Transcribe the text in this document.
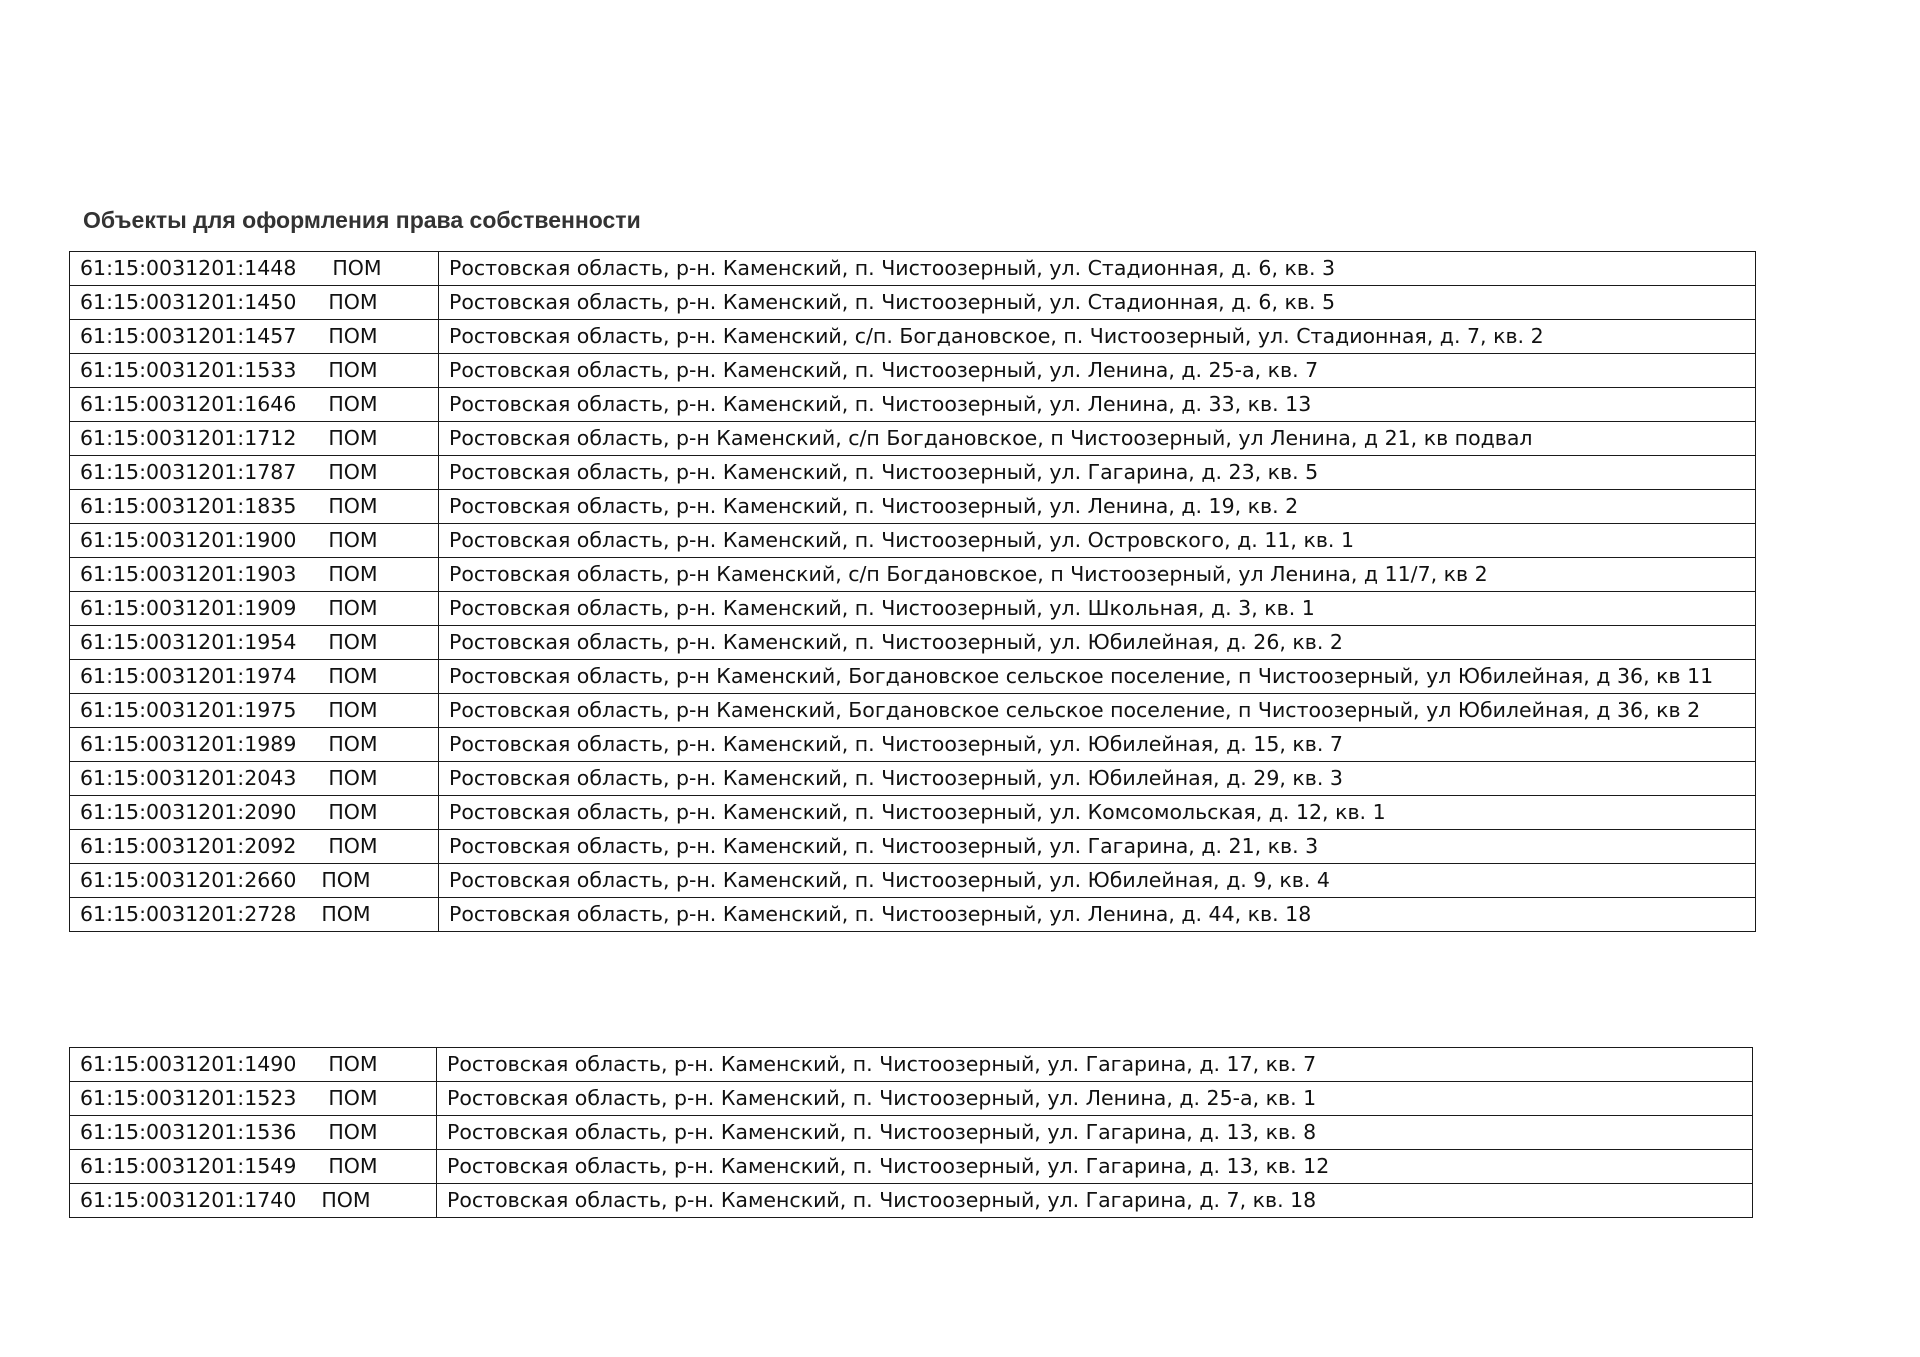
Объекты для оформления права собственности
61:15:0031201:1448 ПОМ	Ростовская область, р-н. Каменский, п. Чистоозерный, ул. Стадионная, д. 6, кв. 3
61:15:0031201:1450 ПОМ	Ростовская область, р-н. Каменский, п. Чистоозерный, ул. Стадионная, д. 6, кв. 5
61:15:0031201:1457 ПОМ	Ростовская область, р-н. Каменский, с/п. Богдановское, п. Чистоозерный, ул. Стадионная, д. 7, кв. 2
61:15:0031201:1533 ПОМ	Ростовская область, р-н. Каменский, п. Чистоозерный, ул. Ленина, д. 25-а, кв. 7
61:15:0031201:1646 ПОМ	Ростовская область, р-н. Каменский, п. Чистоозерный, ул. Ленина, д. 33, кв. 13
61:15:0031201:1712 ПОМ	Ростовская область, р-н Каменский, с/п Богдановское, п Чистоозерный, ул Ленина, д 21, кв подвал
61:15:0031201:1787 ПОМ	Ростовская область, р-н. Каменский, п. Чистоозерный, ул. Гагарина, д. 23, кв. 5
61:15:0031201:1835 ПОМ	Ростовская область, р-н. Каменский, п. Чистоозерный, ул. Ленина, д. 19, кв. 2
61:15:0031201:1900 ПОМ	Ростовская область, р-н. Каменский, п. Чистоозерный, ул. Островского, д. 11, кв. 1
61:15:0031201:1903 ПОМ	Ростовская область, р-н Каменский, с/п Богдановское, п Чистоозерный, ул Ленина, д 11/7, кв 2
61:15:0031201:1909 ПОМ	Ростовская область, р-н. Каменский, п. Чистоозерный, ул. Школьная, д. 3, кв. 1
61:15:0031201:1954 ПОМ	Ростовская область, р-н. Каменский, п. Чистоозерный, ул. Юбилейная, д. 26, кв. 2
61:15:0031201:1974 ПОМ	Ростовская область, р-н Каменский, Богдановское сельское поселение, п Чистоозерный, ул Юбилейная, д 36, кв 11
61:15:0031201:1975 ПОМ	Ростовская область, р-н Каменский, Богдановское сельское поселение, п Чистоозерный, ул Юбилейная, д 36, кв 2
61:15:0031201:1989 ПОМ	Ростовская область, р-н. Каменский, п. Чистоозерный, ул. Юбилейная, д. 15, кв. 7
61:15:0031201:2043 ПОМ	Ростовская область, р-н. Каменский, п. Чистоозерный, ул. Юбилейная, д. 29, кв. 3
61:15:0031201:2090 ПОМ	Ростовская область, р-н. Каменский, п. Чистоозерный, ул. Комсомольская, д. 12, кв. 1
61:15:0031201:2092 ПОМ	Ростовская область, р-н. Каменский, п. Чистоозерный, ул. Гагарина, д. 21, кв. 3
61:15:0031201:2660 ПОМ	Ростовская область, р-н. Каменский, п. Чистоозерный, ул. Юбилейная, д. 9, кв. 4
61:15:0031201:2728 ПОМ	Ростовская область, р-н. Каменский, п. Чистоозерный, ул. Ленина, д. 44, кв. 18
61:15:0031201:1490 ПОМ	Ростовская область, р-н. Каменский, п. Чистоозерный, ул. Гагарина, д. 17, кв. 7
61:15:0031201:1523 ПОМ	Ростовская область, р-н. Каменский, п. Чистоозерный, ул. Ленина, д. 25-а, кв. 1
61:15:0031201:1536 ПОМ	Ростовская область, р-н. Каменский, п. Чистоозерный, ул. Гагарина, д. 13, кв. 8
61:15:0031201:1549 ПОМ	Ростовская область, р-н. Каменский, п. Чистоозерный, ул. Гагарина, д. 13, кв. 12
61:15:0031201:1740 ПОМ	Ростовская область, р-н. Каменский, п. Чистоозерный, ул. Гагарина, д. 7, кв. 18
